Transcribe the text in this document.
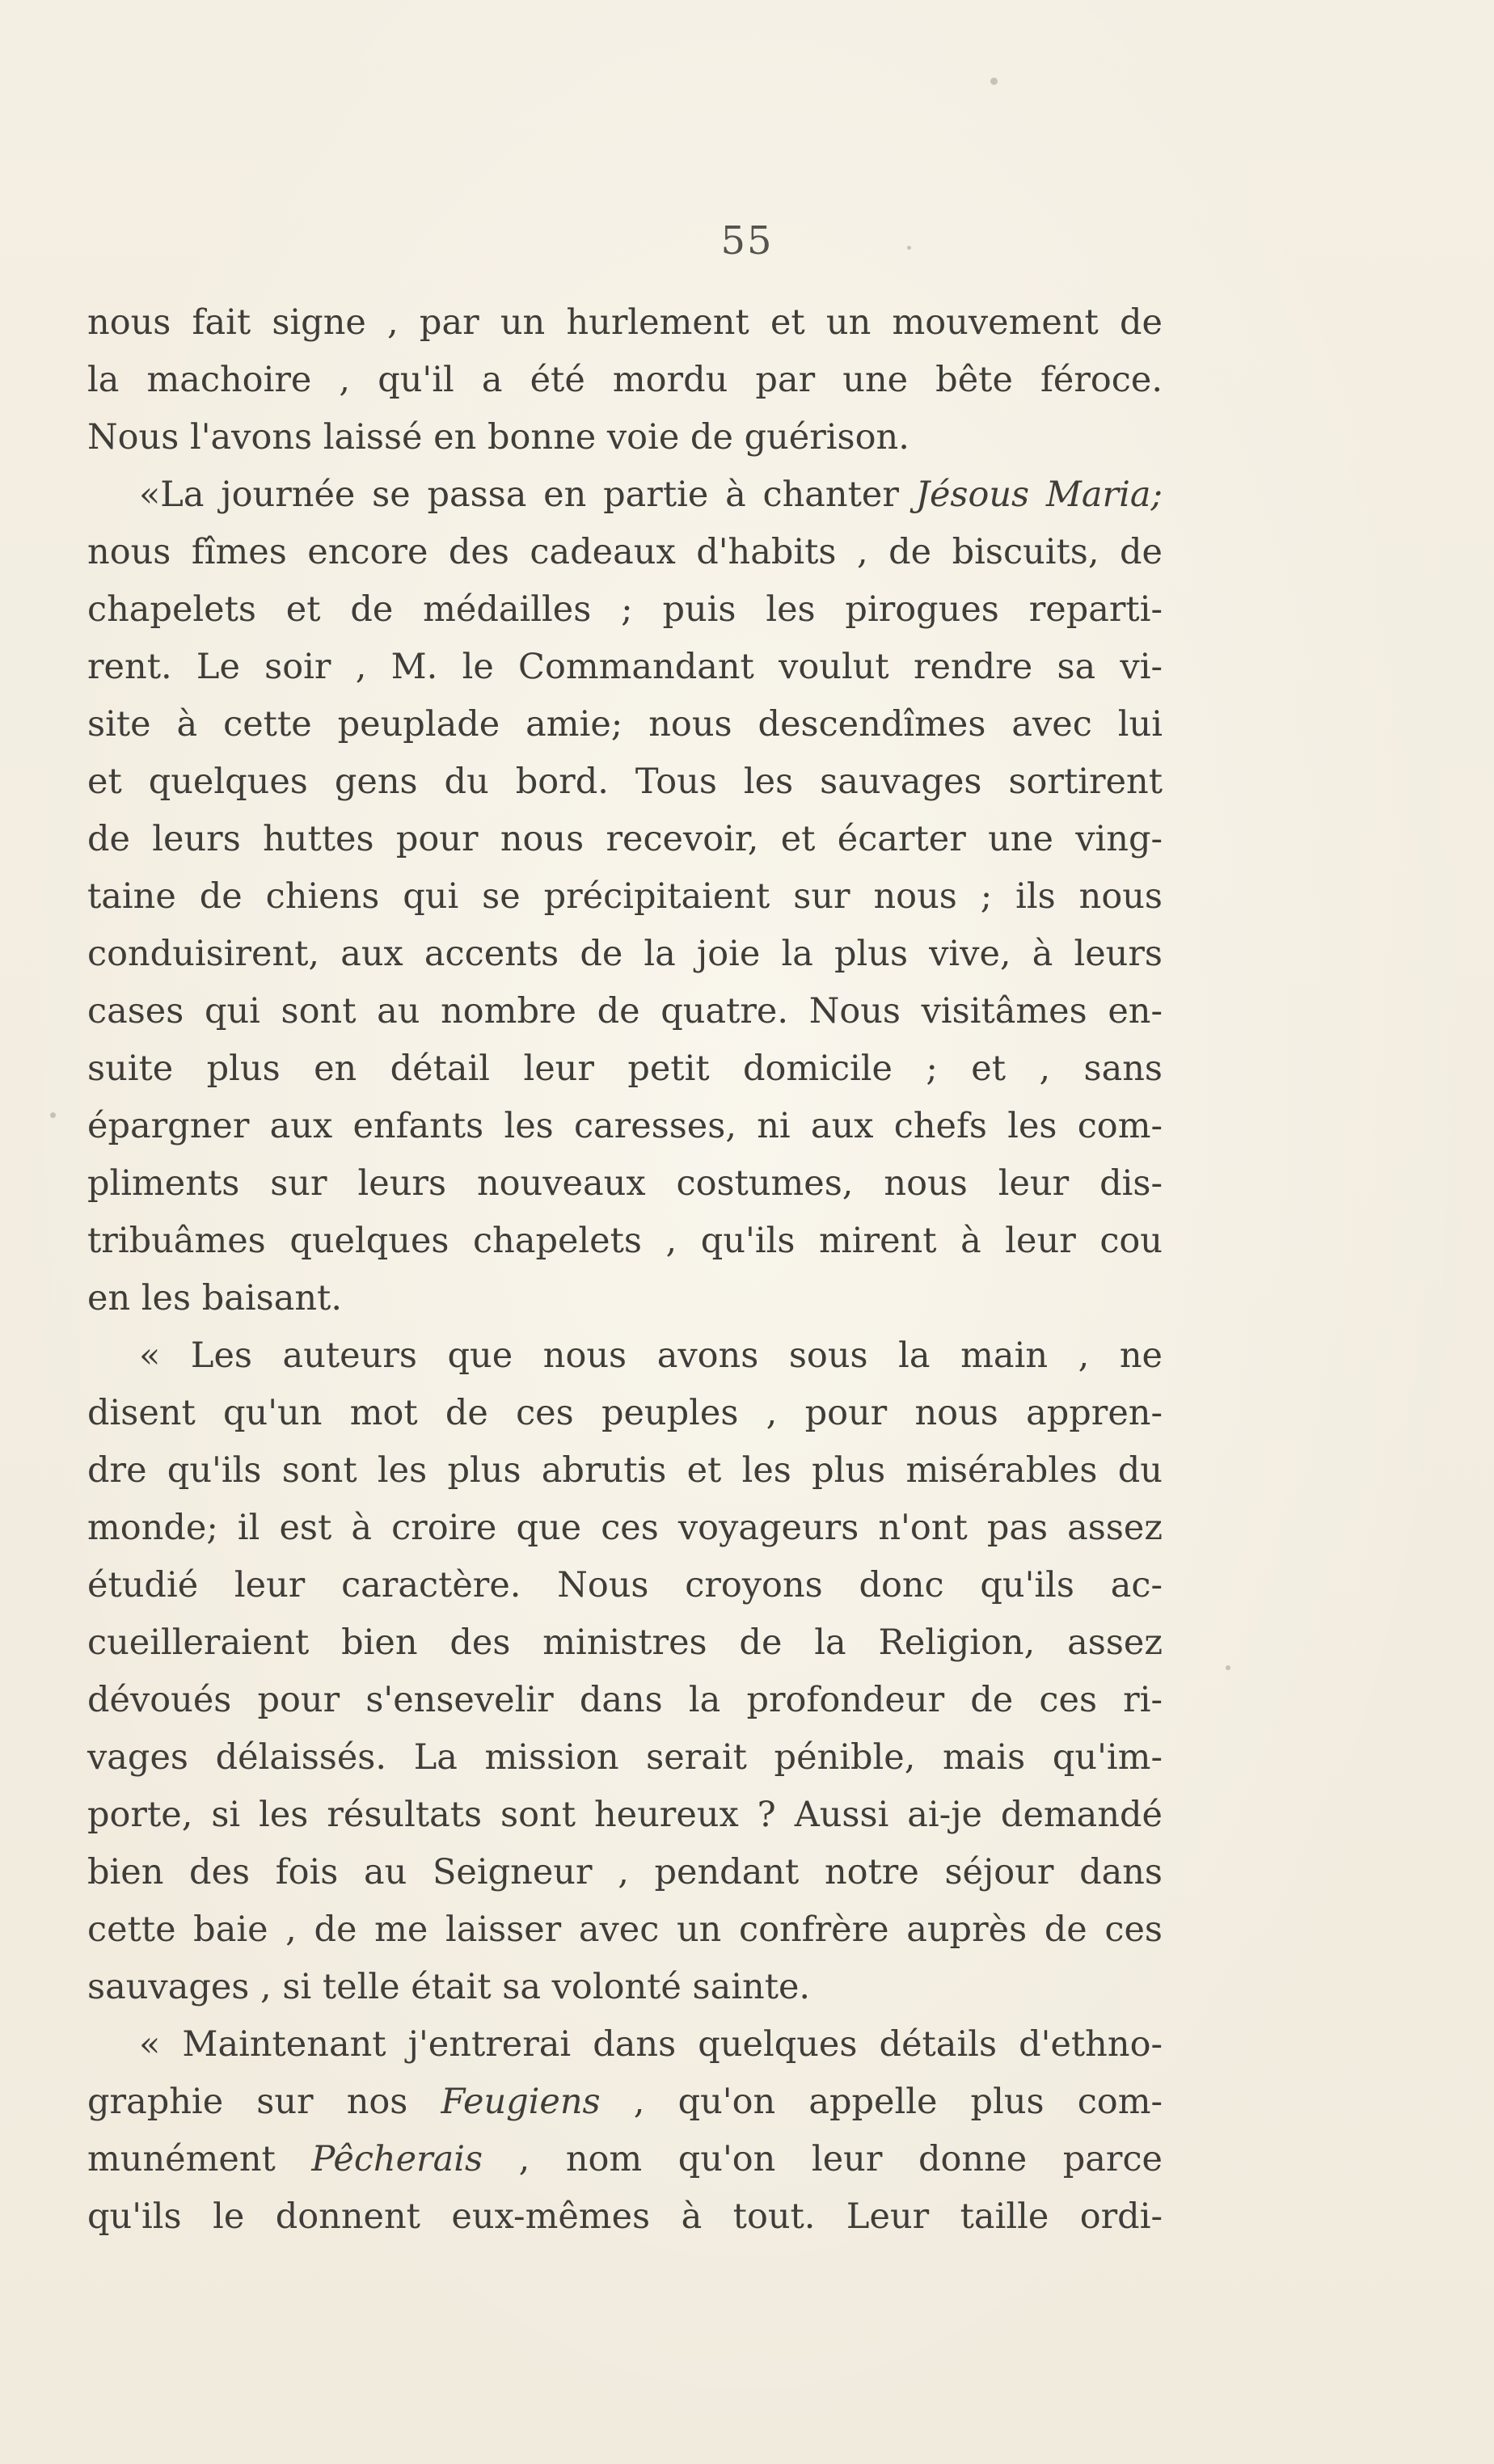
55
nous fait signe , par un hurlement et un mouvement de
la machoire , qu'il a été mordu par une bête féroce.
Nous l'avons laissé en bonne voie de guérison.
«La journée se passa en partie à chanter Jésous Maria;
nous fîmes encore des cadeaux d'habits , de biscuits, de
chapelets et de médailles ; puis les pirogues reparti-
rent. Le soir , M. le Commandant voulut rendre sa vi-
site à cette peuplade amie; nous descendîmes avec lui
et quelques gens du bord. Tous les sauvages sortirent
de leurs huttes pour nous recevoir, et écarter une ving-
taine de chiens qui se précipitaient sur nous ; ils nous
conduisirent, aux accents de la joie la plus vive, à leurs
cases qui sont au nombre de quatre. Nous visitâmes en-
suite plus en détail leur petit domicile ; et , sans
épargner aux enfants les caresses, ni aux chefs les com-
pliments sur leurs nouveaux costumes, nous leur dis-
tribuâmes quelques chapelets , qu'ils mirent à leur cou
en les baisant.
« Les auteurs que nous avons sous la main , ne
disent qu'un mot de ces peuples , pour nous appren-
dre qu'ils sont les plus abrutis et les plus misérables du
monde; il est à croire que ces voyageurs n'ont pas assez
étudié leur caractère. Nous croyons donc qu'ils ac-
cueilleraient bien des ministres de la Religion, assez
dévoués pour s'ensevelir dans la profondeur de ces ri-
vages délaissés. La mission serait pénible, mais qu'im-
porte, si les résultats sont heureux ? Aussi ai-je demandé
bien des fois au Seigneur , pendant notre séjour dans
cette baie , de me laisser avec un confrère auprès de ces
sauvages , si telle était sa volonté sainte.
« Maintenant j'entrerai dans quelques détails d'ethno-
graphie sur nos Feugiens , qu'on appelle plus com-
munément Pêcherais , nom qu'on leur donne parce
qu'ils le donnent eux-mêmes à tout. Leur taille ordi-
